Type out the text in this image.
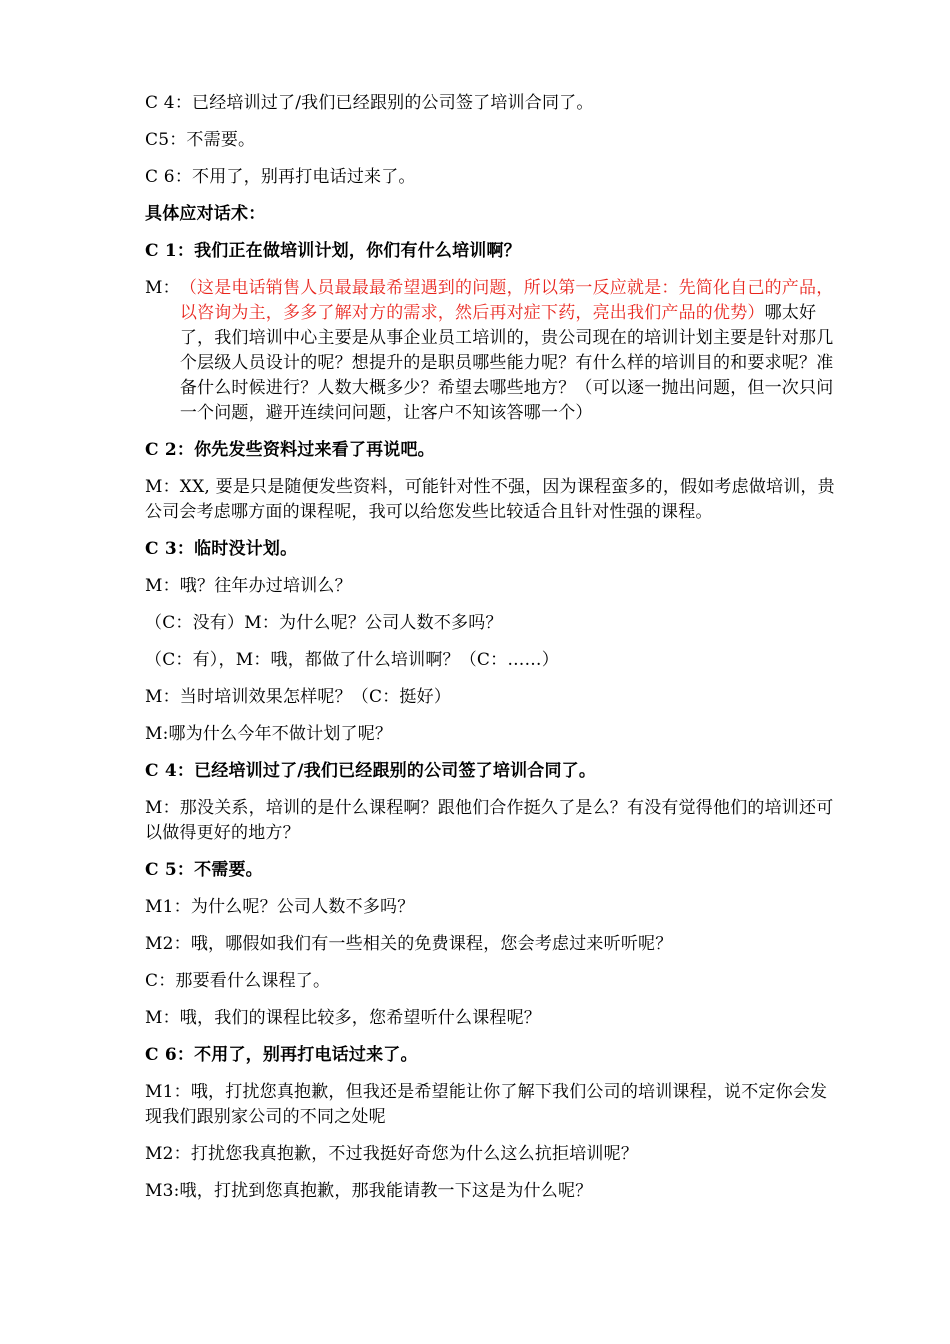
C 4：已经培训过了/我们已经跟别的公司签了培训合同了。

C5：不需要。

C 6：不用了，别再打电话过来了。

具体应对话术：

C 1：我们正在做培训计划，你们有什么培训啊？

M： （这是电话销售人员最最最希望遇到的问题，所以第一反应就是：先简化自己的产品，以咨询为主，多多了解对方的需求，然后再对症下药，亮出我们产品的优势）哪太好了，我们培训中心主要是从事企业员工培训的，贵公司现在的培训计划主要是针对那几个层级人员设计的呢？想提升的是职员哪些能力呢？有什么样的培训目的和要求呢？准备什么时候进行？人数大概多少？希望去哪些地方？（可以逐一抛出问题，但一次只问一个问题，避开连续问问题，让客户不知该答哪一个）

C 2：你先发些资料过来看了再说吧。

M：XX, 要是只是随便发些资料，可能针对性不强，因为课程蛮多的，假如考虑做培训，贵公司会考虑哪方面的课程呢，我可以给您发些比较适合且针对性强的课程。

C 3：临时没计划。

M：哦？往年办过培训么？

（C：没有）M：为什么呢？公司人数不多吗？

（C：有），M：哦，都做了什么培训啊？（C：……）

M：当时培训效果怎样呢？（C：挺好）

M:哪为什么今年不做计划了呢？

C 4：已经培训过了/我们已经跟别的公司签了培训合同了。

M：那没关系，培训的是什么课程啊？跟他们合作挺久了是么？有没有觉得他们的培训还可以做得更好的地方？

C 5：不需要。

M1：为什么呢？公司人数不多吗？

M2：哦，哪假如我们有一些相关的免费课程，您会考虑过来听听呢？

C：那要看什么课程了。

M：哦，我们的课程比较多，您希望听什么课程呢？

C 6：不用了，别再打电话过来了。

M1：哦，打扰您真抱歉，但我还是希望能让你了解下我们公司的培训课程，说不定你会发现我们跟别家公司的不同之处呢

M2：打扰您我真抱歉，不过我挺好奇您为什么这么抗拒培训呢？

M3:哦，打扰到您真抱歉，那我能请教一下这是为什么呢？
